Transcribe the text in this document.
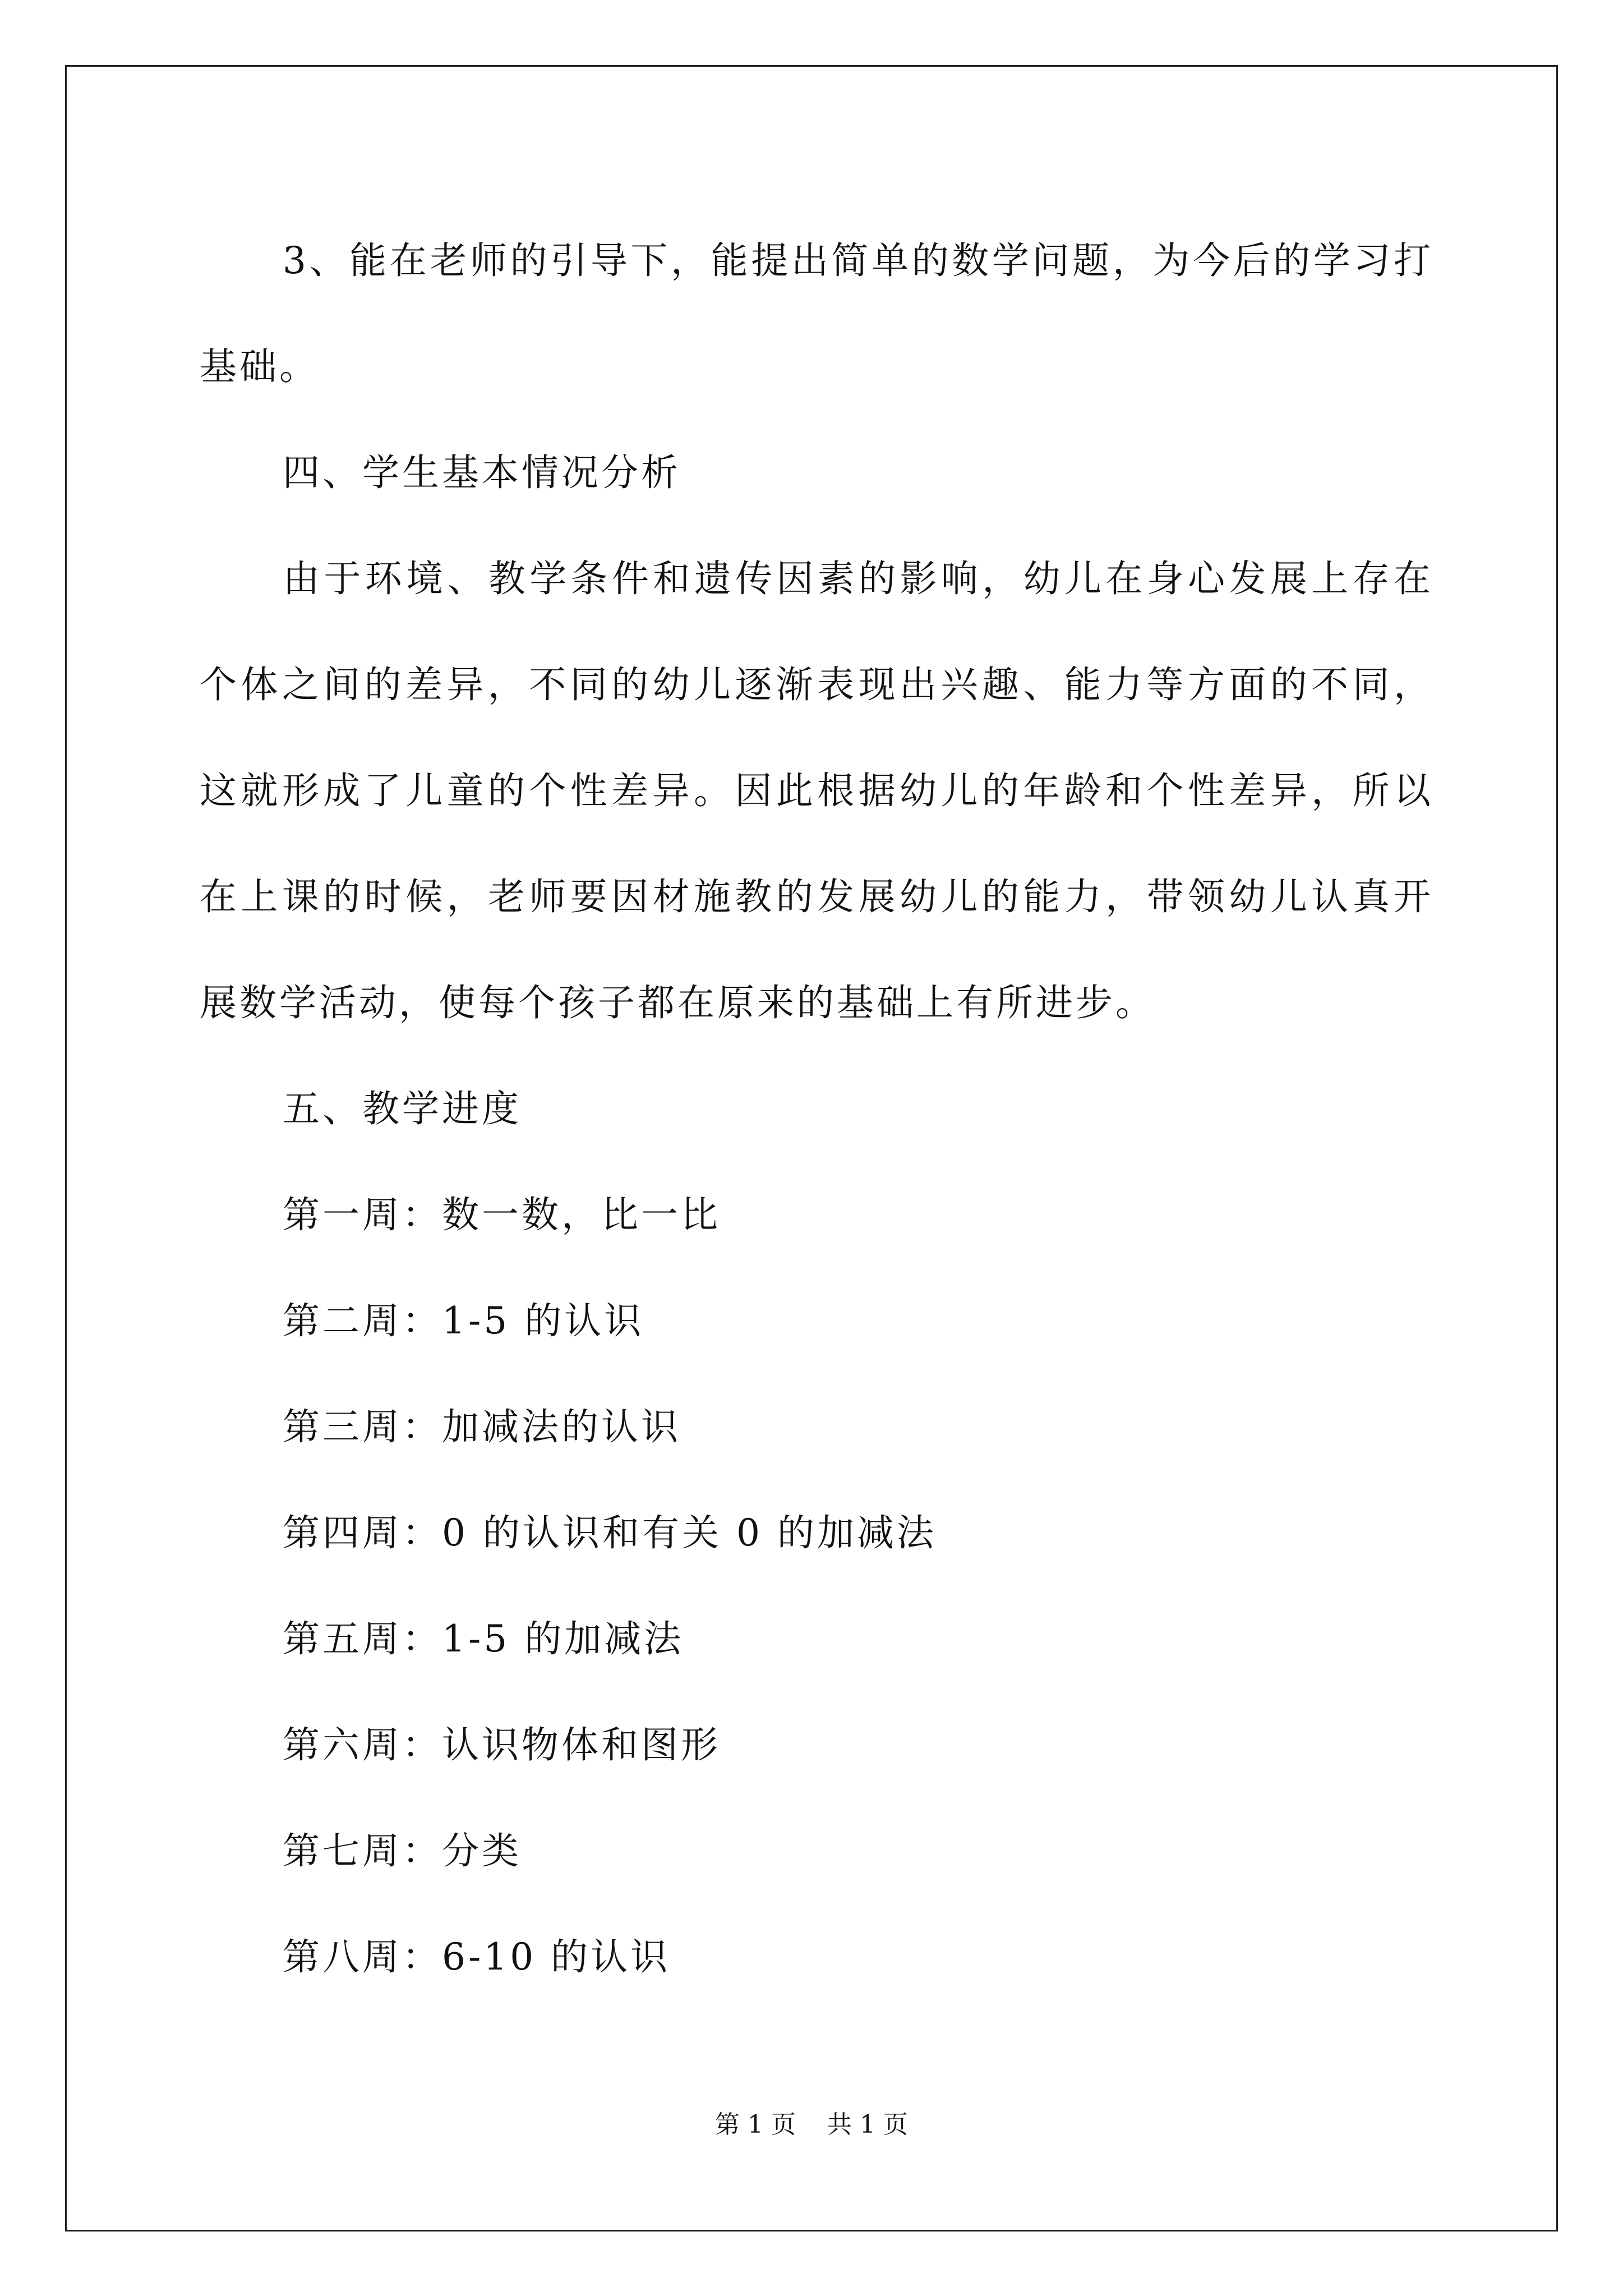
3、能在老师的引导下，能提出简单的数学问题，为今后的学习打基础。

四、学生基本情况分析

由于环境、教学条件和遗传因素的影响，幼儿在身心发展上存在个体之间的差异，不同的幼儿逐渐表现出兴趣、能力等方面的不同，这就形成了儿童的个性差异。因此根据幼儿的年龄和个性差异，所以在上课的时候，老师要因材施教的发展幼儿的能力，带领幼儿认真开展数学活动，使每个孩子都在原来的基础上有所进步。

五、教学进度

第一周：数一数，比一比

第二周：1-5 的认识

第三周：加减法的认识

第四周：0 的认识和有关 0 的加减法

第五周：1-5 的加减法

第六周：认识物体和图形

第七周：分类

第八周：6-10 的认识

第 1 页    共 1 页
